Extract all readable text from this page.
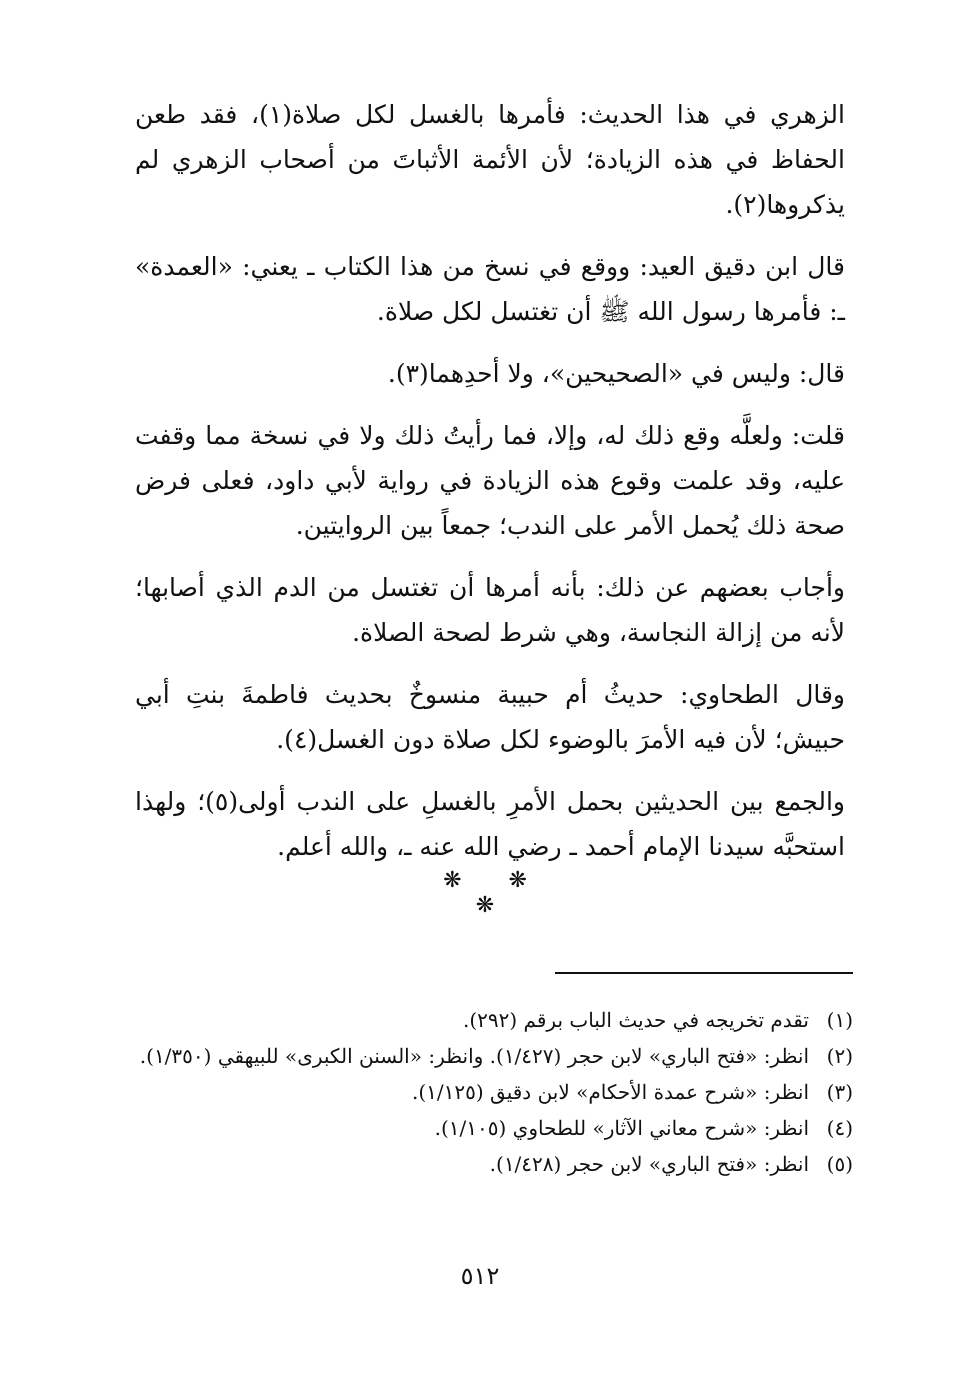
الزهري في هذا الحديث: فأمرها بالغسل لكل صلاة(١)، فقد طعن الحفاظ في هذه الزيادة؛ لأن الأئمة الأثباتَ من أصحاب الزهري لم يذكروها(٢).

قال ابن دقيق العيد: ووقع في نسخ من هذا الكتاب ـ يعني: «العمدة» ـ: فأمرها رسول الله ﷺ أن تغتسل لكل صلاة.

قال: وليس في «الصحيحين»، ولا أحدِهما(٣).

قلت: ولعلَّه وقع ذلك له، وإلا، فما رأيتُ ذلك ولا في نسخة مما وقفت عليه، وقد علمت وقوع هذه الزيادة في رواية لأبي داود، فعلى فرض صحة ذلك يُحمل الأمر على الندب؛ جمعاً بين الروايتين.

وأجاب بعضهم عن ذلك: بأنه أمرها أن تغتسل من الدم الذي أصابها؛ لأنه من إزالة النجاسة، وهي شرط لصحة الصلاة.

وقال الطحاوي: حديثُ أم حبيبة منسوخٌ بحديث فاطمةَ بنتِ أبي حبيش؛ لأن فيه الأمرَ بالوضوء لكل صلاة دون الغسل(٤).

والجمع بين الحديثين بحمل الأمرِ بالغسلِ على الندب أولى(٥)؛ ولهذا استحبَّه سيدنا الإمام أحمد ـ رضي الله عنه ـ، والله أعلم.

❋ ❋ ❋
(١)
تقدم تخريجه في حديث الباب برقم (٢٩٢).
(٢)
انظر: «فتح الباري» لابن حجر (١/٤٢٧). وانظر: «السنن الكبرى» للبيهقي (١/٣٥٠).
(٣)
انظر: «شرح عمدة الأحكام» لابن دقيق (١/١٢٥).
(٤)
انظر: «شرح معاني الآثار» للطحاوي (١/١٠٥).
(٥)
انظر: «فتح الباري» لابن حجر (١/٤٢٨).
٥١٢
